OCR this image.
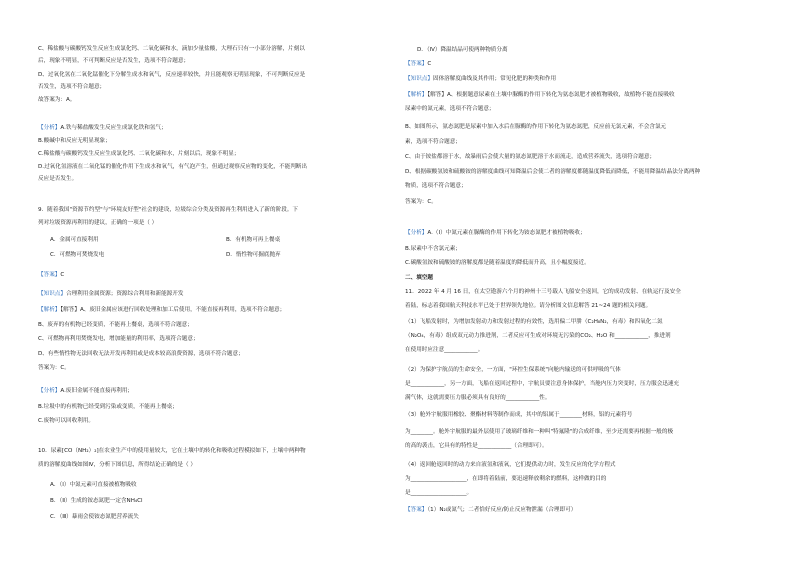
C、稀盐酸与碳酸钙发生反应生成氯化钙、二氧化碳和水，滴加少量盐酸，大理石只有一小部分溶解，片刻以
后，现象不明显，不可判断反应是否发生，选项不符合题意；
D、过氧化氢在二氧化锰催化下分解生成水和氧气，反应速率较快，并且能观察无明显现象，不可判断反应是
否发生，选项不符合题意；
故答案为：A。
【分析】A.铁与稀盐酸发生反应生成氯化铁和氢气；
B.酸碱中和反应无明显现象；
C.稀盐酸与碳酸钙发生反应生成氯化钙、二氧化碳和水，片刻以后，现象不明显；
D.过氧化氢溶液在二氧化锰的催化作用下生成水和氧气，有气泡产生，但通过观察反应物的变化，不能判断出
反应是否发生。
9．随着我国"资源节约型"与"环境友好型"社会的建设，垃圾综合分类及资源再生利用进入了新的阶段。下
列对垃圾资源再利用的建议，正确的一项是（ ）
A．金属可直接利用	B．有机物可再上餐桌
C．可燃物可焚烧发电	D．惰性物可掘底抛弃
【答案】C
【知识点】合理利用金属资源；资源综合利用和新能源开发
【解析】【解答】A、废旧金属应该进行回收处理和加工后使用，不能直接再利用，选项不符合题意；
B、废弃的有机物已经变质，不能再上餐桌，选项不符合题意；
C、可燃物再利用焚烧发电，增加能量的利用率，选项符合题意；
D、有些惰性物无法回收无法开发再利用或是成本较高浪费资源，选项不符合题意；
答案为：C。
【分析】A.废旧金属不能直接再利用；
B.垃圾中的有机物已经受到污染或变质，不能再上餐桌；
C.废物可以回收利用。
10．尿素[CO（NH₂）₂]在农业生产中的使用量较大，它在土壤中的转化和吸收过程模拟如下，土壤中两种物
质的溶解度曲线如图Ⅳ，分析下图信息，所得结论正确的是（ ）
A．（Ⅰ）中氮元素可直接被植物吸收
B．（Ⅱ）生成的铵态氮肥一定含NH₄Cl
C．（Ⅲ）暴雨会使铵态氮肥营养流失
D．（Ⅳ）降温结晶可使两种物质分离
【答案】C
【知识点】固体溶解度曲线及其作用；常见化肥的种类和作用
【解析】【解答】A、根据题意尿素在土壤中脲酶的作用下转化为氨态氮肥才被植物吸收，故植物不能直接吸收
尿素中的氮元素，选项不符合题意；
B、如图所示，氨态氮肥是尿素中加入水后在脲酶的作用下转化为氨态氮肥，反应前无氯元素，不会含氯元
素，选项不符合题意；
C、由于铵盐都溶于水，故暴雨后会使大量的氨态氮肥溶于水而流走，造成营养流失，选项符合题意；
D、根据碳酸氢铵和硫酸铵的溶解度曲线可知降温后会使二者的溶解度都随温度降低而降低，不能用降温结晶法分离两种
物质，选项不符合题意；
答案为：C。
【分析】A.（Ⅰ）中氮元素在脲酶的作用下转化为铵态氮肥才被植物吸收；
B.尿素中不含氯元素；
C.碳酸氢铵和硫酸铵的溶解度都是随着温度的降低而升高，且小幅度接近。
二、填空题
11．2022 年 4 月 16 日，在太空遨游六个月的神州十三号载人飞船安全返回，它的成功发射、在轨运行及安全
着陆，标志着我国航天科技水平已处于世界领先地位。请分析图文信息解答 21~24 题的相关问题。
（1）飞船发射时，为增加发射动力和发射过程的有效性，选用偏二甲肼（C₂H₈N₂，有毒）和四氧化二氮
（N₂O₄，有毒）组成双元动力推进剂，二者反应可生成对环境无污染的CO₂、H₂O 和____________，推进剂
在使用时应注意____________。
（2）为保护宇航员的生命安全，一方面，"环控生保系统"向舱内输送的可供呼吸的气体
是____________，另一方面，飞船在返回过程中，宇航员要注意身体保护，当舱内压力突变时，压力服会迅速充
满气体，这就需要压力服必须具有良好的____________性。
（3）舱外宇航服用橡胶、聚酯材料等制作而成，其中的铝属于________材料，铝的元素符号
为________。舱外宇航服的最外层使用了玻璃纤维和一种叫"特氟隆"的合成纤维，至少还需要再根据一般的极
的高的袭击，它具有的特性是____________（合理即可）。
（4）返回舱返回时的动力来自液氢和液氧，它们提供动力时，发生反应的化学方程式
为____________________，在即将着陆前，要迅速释放剩余的燃料，这样做的目的
是____________________。
【答案】（1）N₂或氮气；二者恰好反应/防止反应物泄漏（合理即可）
